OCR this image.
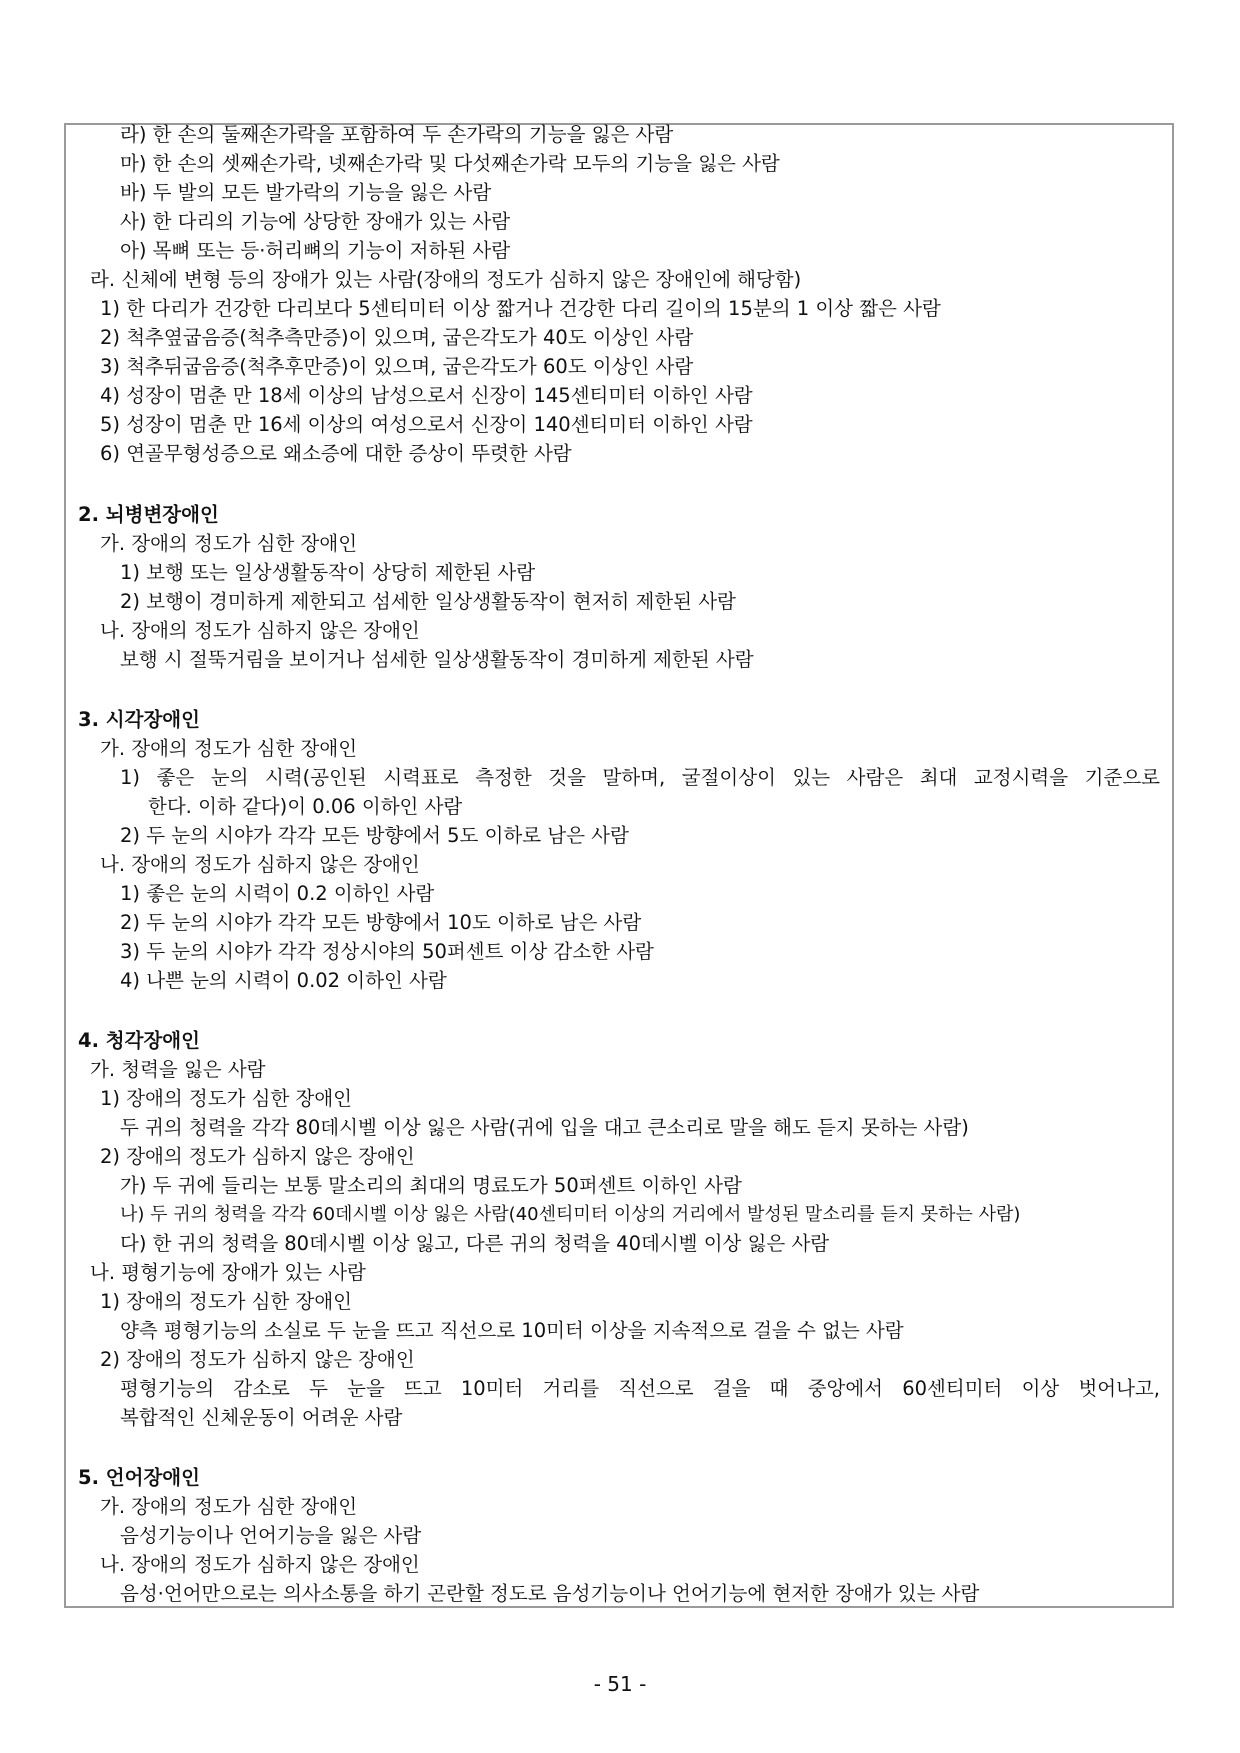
라) 한 손의 둘째손가락을 포함하여 두 손가락의 기능을 잃은 사람
마) 한 손의 셋째손가락, 넷째손가락 및 다섯째손가락 모두의 기능을 잃은 사람
바) 두 발의 모든 발가락의 기능을 잃은 사람
사) 한 다리의 기능에 상당한 장애가 있는 사람
아) 목뼈 또는 등·허리뼈의 기능이 저하된 사람
라. 신체에 변형 등의 장애가 있는 사람(장애의 정도가 심하지 않은 장애인에 해당함)
1) 한 다리가 건강한 다리보다 5센티미터 이상 짧거나 건강한 다리 길이의 15분의 1 이상 짧은 사람
2) 척추옆굽음증(척추측만증)이 있으며, 굽은각도가 40도 이상인 사람
3) 척추뒤굽음증(척추후만증)이 있으며, 굽은각도가 60도 이상인 사람
4) 성장이 멈춘 만 18세 이상의 남성으로서 신장이 145센티미터 이하인 사람
5) 성장이 멈춘 만 16세 이상의 여성으로서 신장이 140센티미터 이하인 사람
6) 연골무형성증으로 왜소증에 대한 증상이 뚜렷한 사람
2. 뇌병변장애인
가. 장애의 정도가 심한 장애인
1) 보행 또는 일상생활동작이 상당히 제한된 사람
2) 보행이 경미하게 제한되고 섬세한 일상생활동작이 현저히 제한된 사람
나. 장애의 정도가 심하지 않은 장애인
보행 시 절뚝거림을 보이거나 섬세한 일상생활동작이 경미하게 제한된 사람
3. 시각장애인
가. 장애의 정도가 심한 장애인
1) 좋은 눈의 시력(공인된 시력표로 측정한 것을 말하며, 굴절이상이 있는 사람은 최대 교정시력을 기준으로
한다. 이하 같다)이 0.06 이하인 사람
2) 두 눈의 시야가 각각 모든 방향에서 5도 이하로 남은 사람
나. 장애의 정도가 심하지 않은 장애인
1) 좋은 눈의 시력이 0.2 이하인 사람
2) 두 눈의 시야가 각각 모든 방향에서 10도 이하로 남은 사람
3) 두 눈의 시야가 각각 정상시야의 50퍼센트 이상 감소한 사람
4) 나쁜 눈의 시력이 0.02 이하인 사람
4. 청각장애인
가. 청력을 잃은 사람
1) 장애의 정도가 심한 장애인
두 귀의 청력을 각각 80데시벨 이상 잃은 사람(귀에 입을 대고 큰소리로 말을 해도 듣지 못하는 사람)
2) 장애의 정도가 심하지 않은 장애인
가) 두 귀에 들리는 보통 말소리의 최대의 명료도가 50퍼센트 이하인 사람
나) 두 귀의 청력을 각각 60데시벨 이상 잃은 사람(40센티미터 이상의 거리에서 발성된 말소리를 듣지 못하는 사람)
다) 한 귀의 청력을 80데시벨 이상 잃고, 다른 귀의 청력을 40데시벨 이상 잃은 사람
나. 평형기능에 장애가 있는 사람
1) 장애의 정도가 심한 장애인
양측 평형기능의 소실로 두 눈을 뜨고 직선으로 10미터 이상을 지속적으로 걸을 수 없는 사람
2) 장애의 정도가 심하지 않은 장애인
평형기능의 감소로 두 눈을 뜨고 10미터 거리를 직선으로 걸을 때 중앙에서 60센티미터 이상 벗어나고,
복합적인 신체운동이 어려운 사람
5. 언어장애인
가. 장애의 정도가 심한 장애인
음성기능이나 언어기능을 잃은 사람
나. 장애의 정도가 심하지 않은 장애인
음성·언어만으로는 의사소통을 하기 곤란할 정도로 음성기능이나 언어기능에 현저한 장애가 있는 사람
- 51 -
